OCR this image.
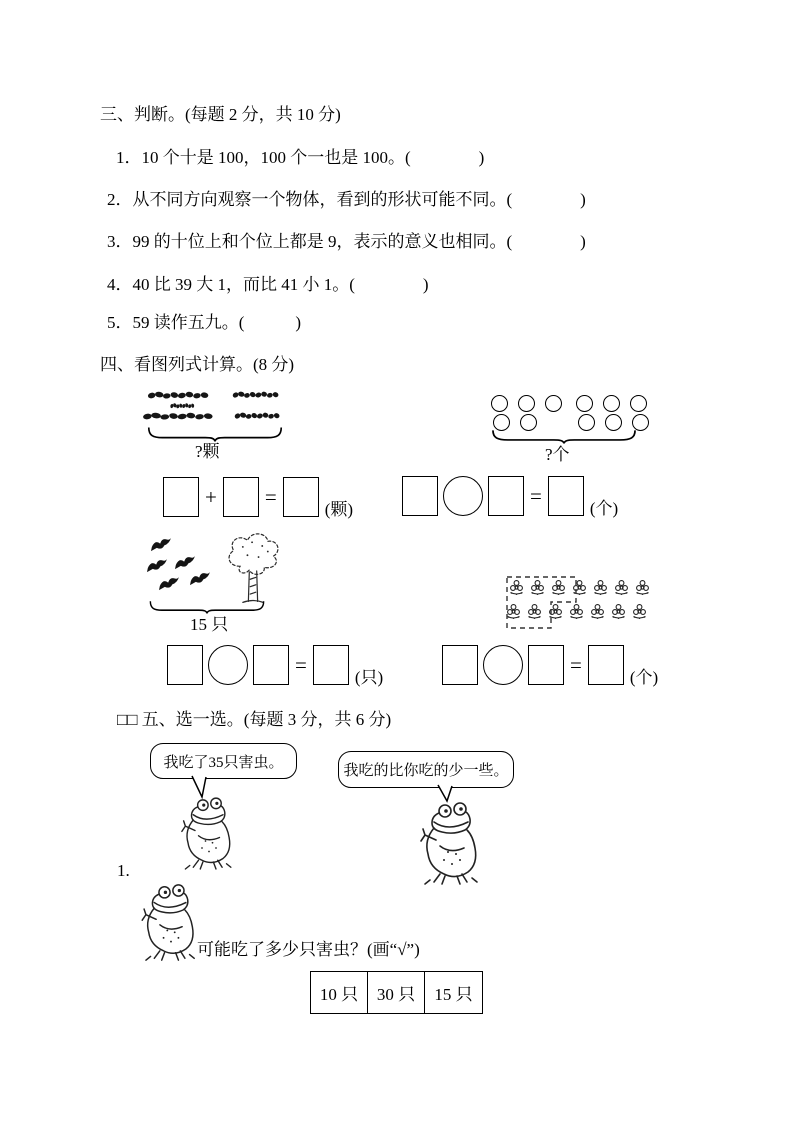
三、判断。(每题 2 分，共 10 分)
1．10 个十是 100，100 个一也是 100。(　　　　)
2．从不同方向观察一个物体，看到的形状可能不同。(　　　　)
3．99 的十位上和个位上都是 9，表示的意义也相同。(　　　　)
4．40 比 39 大 1，而比 41 小 1。(　　　　)
5．59 读作五九。(　　　)
四、看图列式计算。(8 分)
?颗	?个
+ =
(颗)
=
(个)
15 只
=
(只)
=
(个)
□□ 五、选一选。(每题 3 分，共 6 分)
我吃了35只害虫。
我吃的比你吃的少一些。
1.
可能吃了多少只害虫？(画“√”)
10 只	30 只	15 只
